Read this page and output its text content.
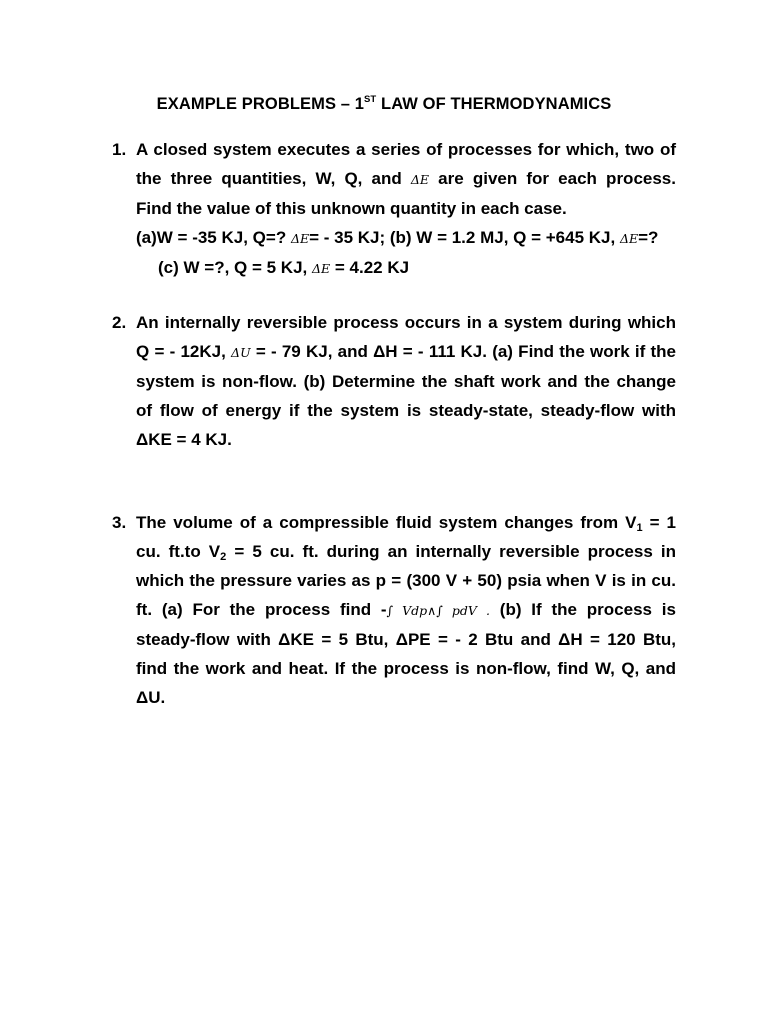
EXAMPLE PROBLEMS – 1ST LAW OF THERMODYNAMICS
1. A closed system executes a series of processes for which, two of
the three quantities, W, Q, and ΔE are given for each process.
Find the value of this unknown quantity in each case.
(a)W = -35 KJ, Q=? ΔE= - 35 KJ; (b) W = 1.2 MJ, Q = +645 KJ, ΔE=?
(c) W =?, Q = 5 KJ, ΔE = 4.22 KJ
2. An internally reversible process occurs in a system during which
Q = - 12KJ, ΔU = - 79 KJ, and ΔH = - 111 KJ. (a) Find the work if the
system is non-flow. (b) Determine the shaft work and the change
of flow of energy if the system is steady-state, steady-flow with
ΔKE = 4 KJ.
3. The volume of a compressible fluid system changes from $V_1 = 1$
cu. ft.to $V_2 = 5$ cu. ft. during an internally reversible process in
which the pressure varies as p = (300 V + 50) psia when V is in cu.
ft. (a) For the process find -∫ Vdp∧∫ pdV . (b) If the process is
steady-flow with ΔKE = 5 Btu, ΔPE = - 2 Btu and ΔH = 120 Btu,
find the work and heat. If the process is non-flow, find W, Q, and
ΔU.
